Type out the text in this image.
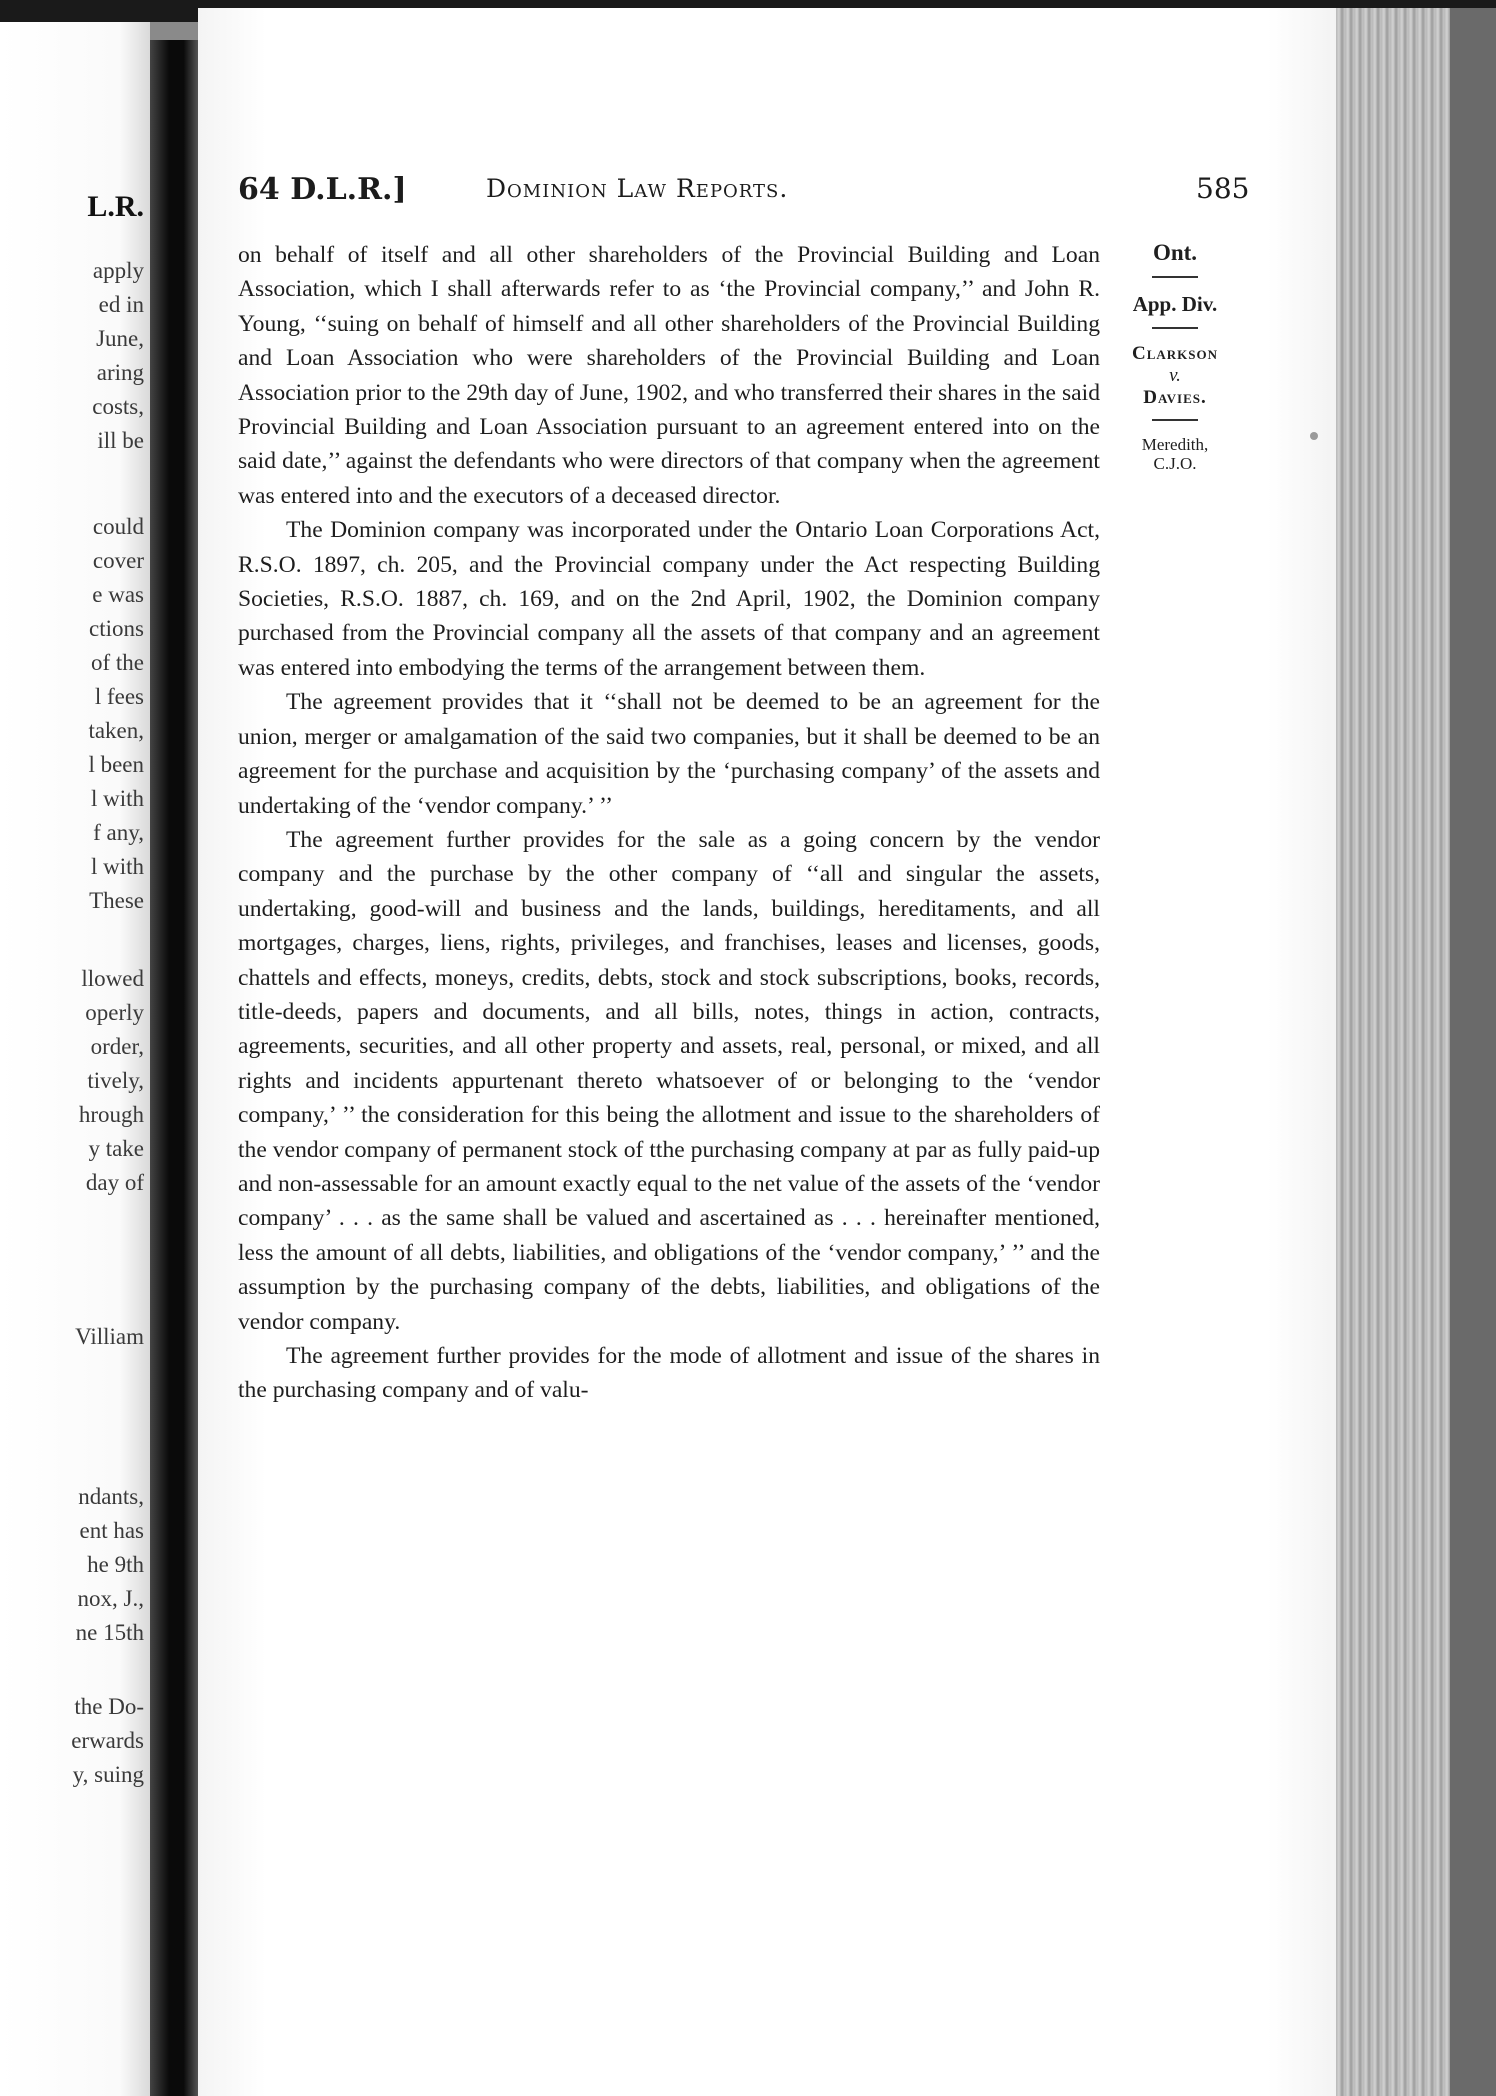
L.R.

apply

ed in

June,

aring

costs,

ill be

could

cover

e was

ctions

of the

l fees

taken,

l been

l with

f any,

l with

These

llowed

operly

order,

tively,

hrough

y take

day of

Villiam

ndants,

ent has

he 9th

nox, J.,

ne 15th

the Do-

erwards

y, suing

64 D.L.R.]	Dominion Law Reports.	585

Ont.

App. Div.

Clarkson

v.

Davies.

Meredith,
C.J.O.

on behalf of itself and all other shareholders of the Provincial Building and Loan Association, which I shall afterwards refer to as ‘the Provincial company,’’ and John R. Young, ‘‘suing on behalf of himself and all other shareholders of the Provincial Building and Loan Association who were shareholders of the Provincial Building and Loan Association prior to the 29th day of June, 1902, and who transferred their shares in the said Provincial Building and Loan Association pursuant to an agreement entered into on the said date,’’ against the defendants who were directors of that company when the agreement was entered into and the executors of a deceased director.

The Dominion company was incorporated under the Ontario Loan Corporations Act, R.S.O. 1897, ch. 205, and the Provincial company under the Act respecting Building Societies, R.S.O. 1887, ch. 169, and on the 2nd April, 1902, the Dominion company purchased from the Provincial company all the assets of that company and an agreement was entered into embodying the terms of the arrangement between them.

The agreement provides that it ‘‘shall not be deemed to be an agreement for the union, merger or amalgamation of the said two companies, but it shall be deemed to be an agreement for the purchase and acquisition by the ‘purchasing company’ of the assets and undertaking of the ‘vendor company.’ ’’

The agreement further provides for the sale as a going concern by the vendor company and the purchase by the other company of ‘‘all and singular the assets, undertaking, good-will and business and the lands, buildings, hereditaments, and all mortgages, charges, liens, rights, privileges, and franchises, leases and licenses, goods, chattels and effects, moneys, credits, debts, stock and stock subscriptions, books, records, title-deeds, papers and documents, and all bills, notes, things in action, contracts, agreements, securities, and all other property and assets, real, personal, or mixed, and all rights and incidents appurtenant thereto whatsoever of or belonging to the ‘vendor company,’ ’’ the consideration for this being the allotment and issue to the shareholders of the vendor company of permanent stock of tthe purchasing company at par as fully paid-up and non-assessable for an amount exactly equal to the net value of the assets of the ‘vendor company’ . . . as the same shall be valued and ascertained as . . . hereinafter mentioned, less the amount of all debts, liabilities, and obligations of the ‘vendor company,’ ’’ and the assumption by the purchasing company of the debts, liabilities, and obligations of the vendor company.

The agreement further provides for the mode of allotment and issue of the shares in the purchasing company and of valu-
